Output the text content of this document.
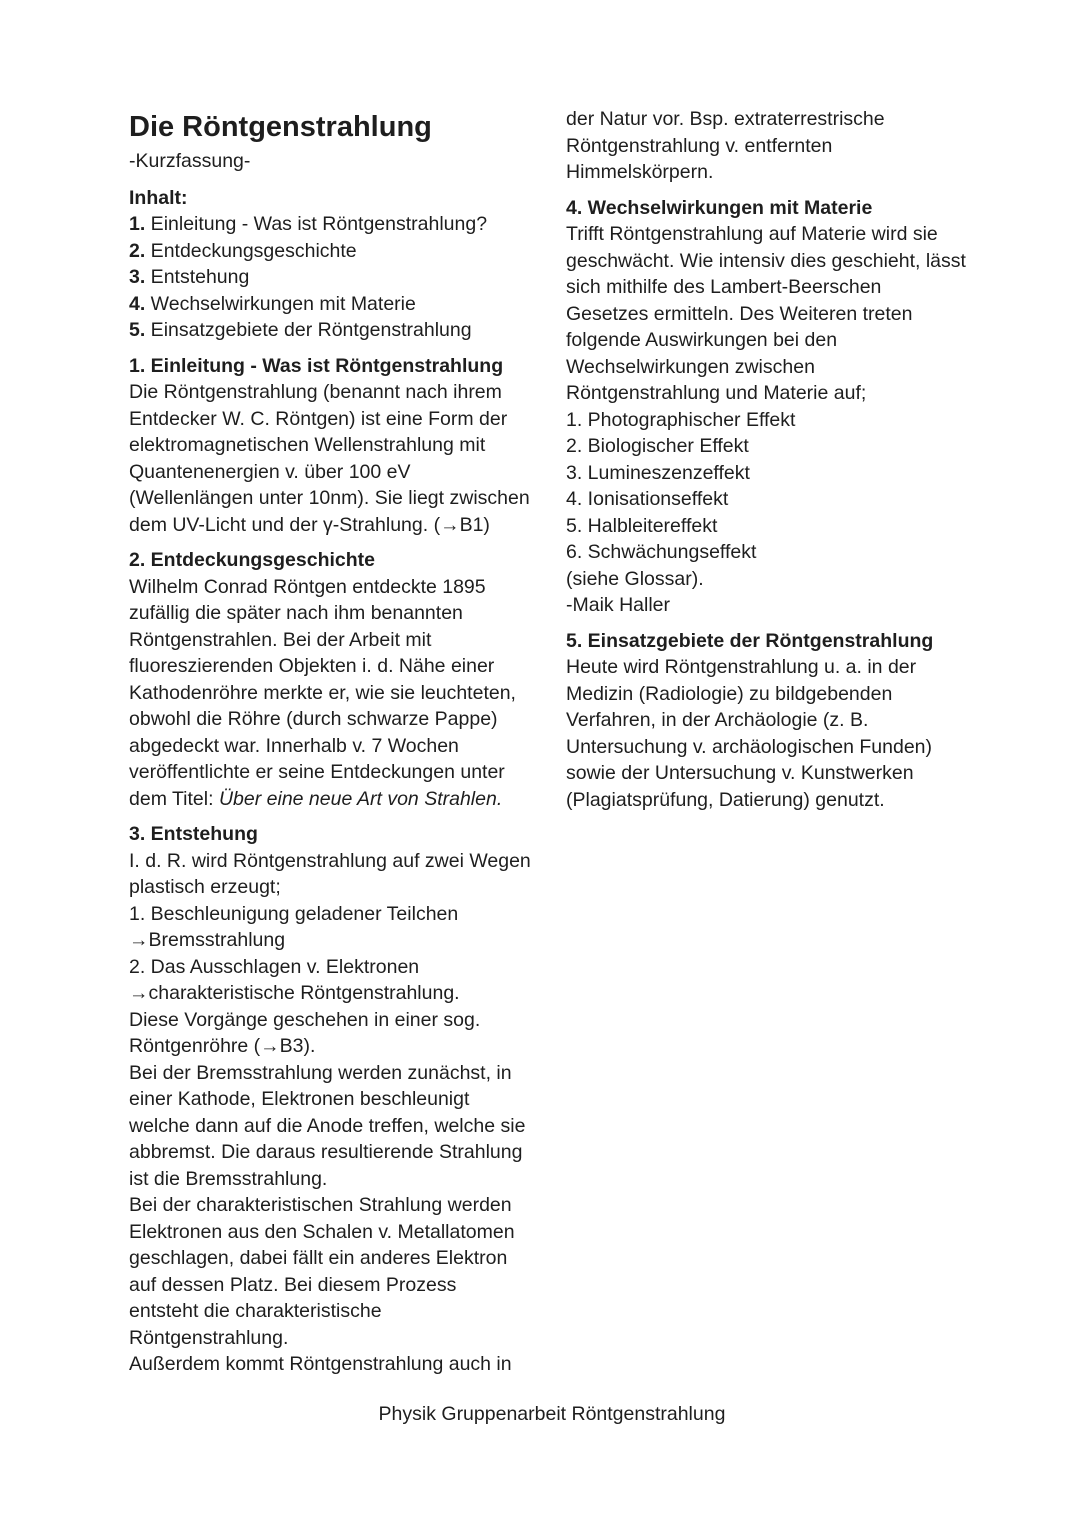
Die Röntgenstrahlung
-Kurzfassung-
Inhalt:
1. Einleitung - Was ist Röntgenstrahlung?
2. Entdeckungsgeschichte
3. Entstehung
4. Wechselwirkungen mit Materie
5. Einsatzgebiete der Röntgenstrahlung
1. Einleitung - Was ist Röntgenstrahlung

Die Röntgenstrahlung (benannt nach ihrem
Entdecker W. C. Röntgen) ist eine Form der
elektromagnetischen Wellenstrahlung mit
Quantenenergien v. über 100 eV
(Wellenlängen unter 10nm). Sie liegt zwischen
dem UV-Licht und der γ-Strahlung. (→B1)

2. Entdeckungsgeschichte

Wilhelm Conrad Röntgen entdeckte 1895
zufällig die später nach ihm benannten
Röntgenstrahlen. Bei der Arbeit mit
fluoreszierenden Objekten i. d. Nähe einer
Kathodenröhre merkte er, wie sie leuchteten,
obwohl die Röhre (durch schwarze Pappe)
abgedeckt war. Innerhalb v. 7 Wochen
veröffentlichte er seine Entdeckungen unter
dem Titel: Über eine neue Art von Strahlen.

3. Entstehung

I. d. R. wird Röntgenstrahlung auf zwei Wegen
plastisch erzeugt;
1. Beschleunigung geladener Teilchen
→Bremsstrahlung
2. Das Ausschlagen v. Elektronen
→charakteristische Röntgenstrahlung.
Diese Vorgänge geschehen in einer sog.
Röntgenröhre (→B3).
Bei der Bremsstrahlung werden zunächst, in
einer Kathode, Elektronen beschleunigt
welche dann auf die Anode treffen, welche sie
abbremst. Die daraus resultierende Strahlung
ist die Bremsstrahlung.
Bei der charakteristischen Strahlung werden
Elektronen aus den Schalen v. Metallatomen
geschlagen, dabei fällt ein anderes Elektron
auf dessen Platz. Bei diesem Prozess
entsteht die charakteristische
Röntgenstrahlung.
Außerdem kommt Röntgenstrahlung auch in

der Natur vor. Bsp. extraterrestrische
Röntgenstrahlung v. entfernten
Himmelskörpern.

4. Wechselwirkungen mit Materie

Trifft Röntgenstrahlung auf Materie wird sie
geschwächt. Wie intensiv dies geschieht, lässt
sich mithilfe des Lambert-Beerschen
Gesetzes ermitteln. Des Weiteren treten
folgende Auswirkungen bei den
Wechselwirkungen zwischen
Röntgenstrahlung und Materie auf;
1. Photographischer Effekt
2. Biologischer Effekt
3. Lumineszenzeffekt
4. Ionisationseffekt
5. Halbleitereffekt
6. Schwächungseffekt
(siehe Glossar).
-Maik Haller

5. Einsatzgebiete der Röntgenstrahlung

Heute wird Röntgenstrahlung u. a. in der
Medizin (Radiologie) zu bildgebenden
Verfahren, in der Archäologie (z. B.
Untersuchung v. archäologischen Funden)
sowie der Untersuchung v. Kunstwerken
(Plagiatsprüfung, Datierung) genutzt.

Physik Gruppenarbeit Röntgenstrahlung
